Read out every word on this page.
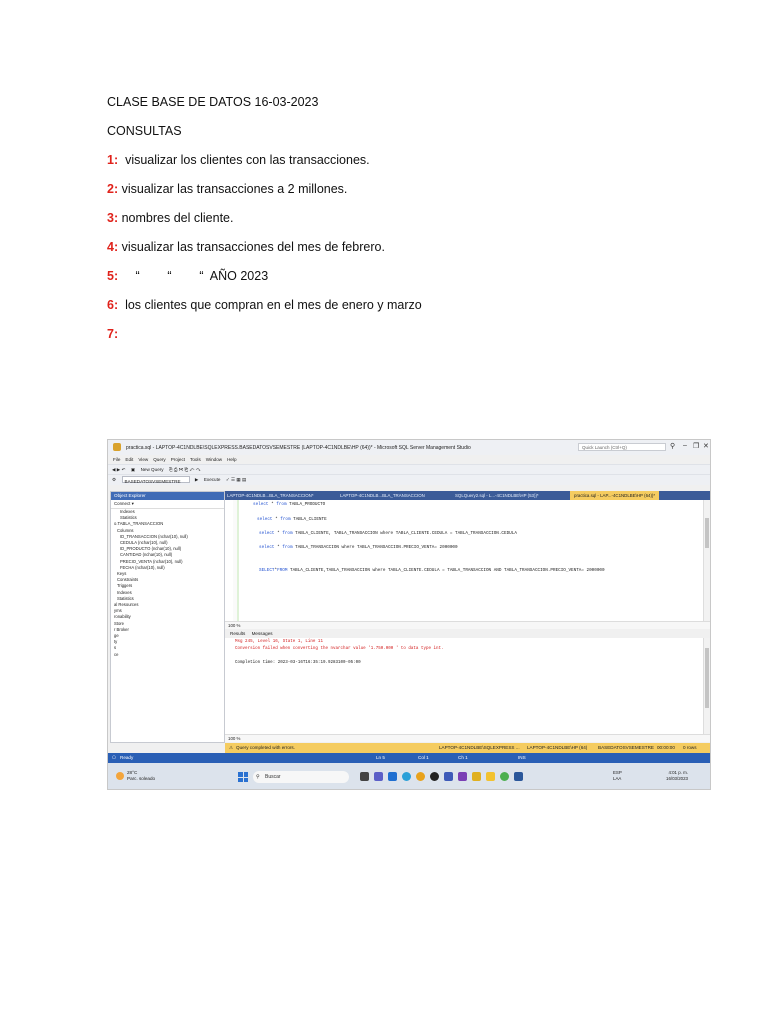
CLASE BASE DE DATOS 16-03-2023
CONSULTAS
1:  visualizar los clientes con las transacciones.
2: visualizar las transacciones a 2 millones.
3: nombres del cliente.
4: visualizar las transacciones del mes de febrero.
5:     “        “        “  AÑO 2023
6:  los clientes que compran en el mes de enero y marzo
7:
practica.sql - LAPTOP-4C1NDLBE\SQLEXPRESS.BASEDATOSVSEMESTRE (LAPTOP-4C1NDLBE\HP (64))* - Microsoft SQL Server Management Studio	Quick Launch (Ctrl+Q)	⚲ – ❐ ✕
File Edit View Query Project Tools Window Help
◀ ▶ ↶ ▣ New Query ⎘ ⎙ ✂ ⎗ ↶ ↷
⚙ BASEDATOSVSEMESTRE	▶ Execute ✓ ☰ ▦ ▤
Object Explorer
Connect ▾
Indexes
Statistics
o.TABLA_TRANSACCION
Columns
ID_TRANSACCION (nchar(10), null)
CEDULA (nchar(10), null)
ID_PRODUCTO (nchar(10), null)
CANTIDAD (nchar(10), null)
PRECIO_VENTA (nchar(10), null)
FECHA (nchar(10), null)
Keys
Constraints
Triggers
Indexes
Statistics
al Resources
yms
ronability
Store
r Broker
ge
ty
s
ce
LAPTOP-4C1NDLB...BLA_TRANSACCION*	LAPTOP-4C1NDLB...BLA_TRANSACCION	SQLQuery2.sql - L...-4C1NDLBE\HP (53))*	practica.sql - LAP...-4C1NDLBE\HP (64))*
select * from TABLA_PRODUCTO
select * from TABLA_CLIENTE
select * from TABLA_CLIENTE, TABLA_TRANSACCION where TABLA_CLIENTE.CEDULA = TABLA_TRANSACCION.CEDULA
select * from TABLA_TRANSACCION where TABLA_TRANSACCION.PRECIO_VENTA= 2000000
SELECT*FROM TABLA_CLIENTE,TABLA_TRANSACCION where TABLA_CLIENTE.CEDULA = TABLA_TRANSACCION AND TABLA_TRANSACCION.PRECIO_VENTA= 2000000
100 %
Results Messages
Msg 245, Level 16, State 1, Line 11
Conversion failed when converting the nvarchar value '1.750.000 ' to data type int.
Completion time: 2023-03-16T16:35:19.9283100-05:00
100 %
⚠ Query completed with errors.	LAPTOP-4C1NDLBE\SQLEXPRESS ... LAPTOP-4C1NDLBE\HP (64) BASEDATOSVSEMESTRE 00:00:00 0 rows
⎔ Ready	Ln 5	Col 1	Ch 1	INS
28°C
Parc. soleado	⚲ Buscar
ESP
LAA
4:01 p. m.
16/03/2023
